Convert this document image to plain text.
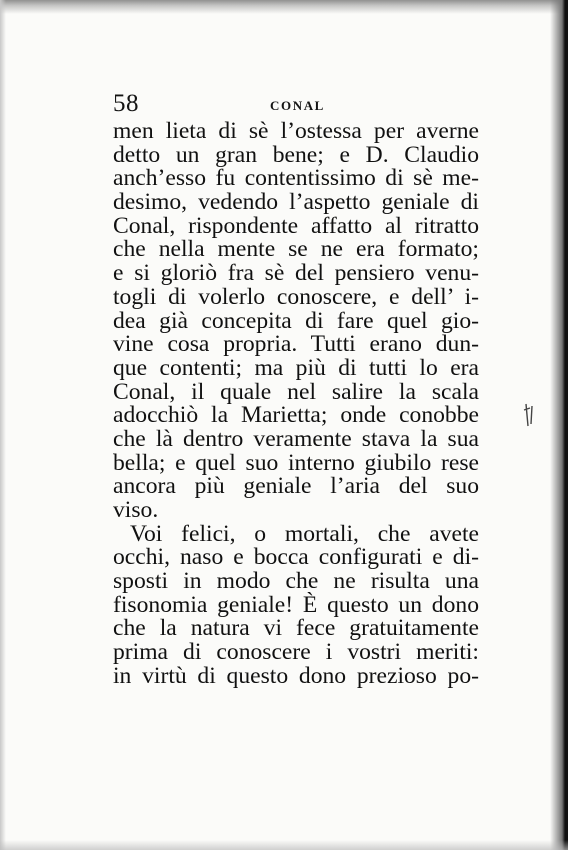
58	CONAL
men lieta di sè l’ostessa per averne
detto un gran bene; e D. Claudio
anch’esso fu contentissimo di sè me-
desimo, vedendo l’aspetto geniale di
Conal, rispondente affatto al ritratto
che nella mente se ne era formato;
e si gloriò fra sè del pensiero venu-
togli di volerlo conoscere, e dell’ i-
dea già concepita di fare quel gio-
vine cosa propria. Tutti erano dun-
que contenti; ma più di tutti lo era
Conal, il quale nel salire la scala
adocchiò la Marietta; onde conobbe
che là dentro veramente stava la sua
bella; e quel suo interno giubilo rese
ancora più geniale l’aria del suo
viso.
Voi felici, o mortali, che avete
occhi, naso e bocca configurati e di-
sposti in modo che ne risulta una
fisonomia geniale! È questo un dono
che la natura vi fece gratuitamente
prima di conoscere i vostri meriti:
in virtù di questo dono prezioso po-
